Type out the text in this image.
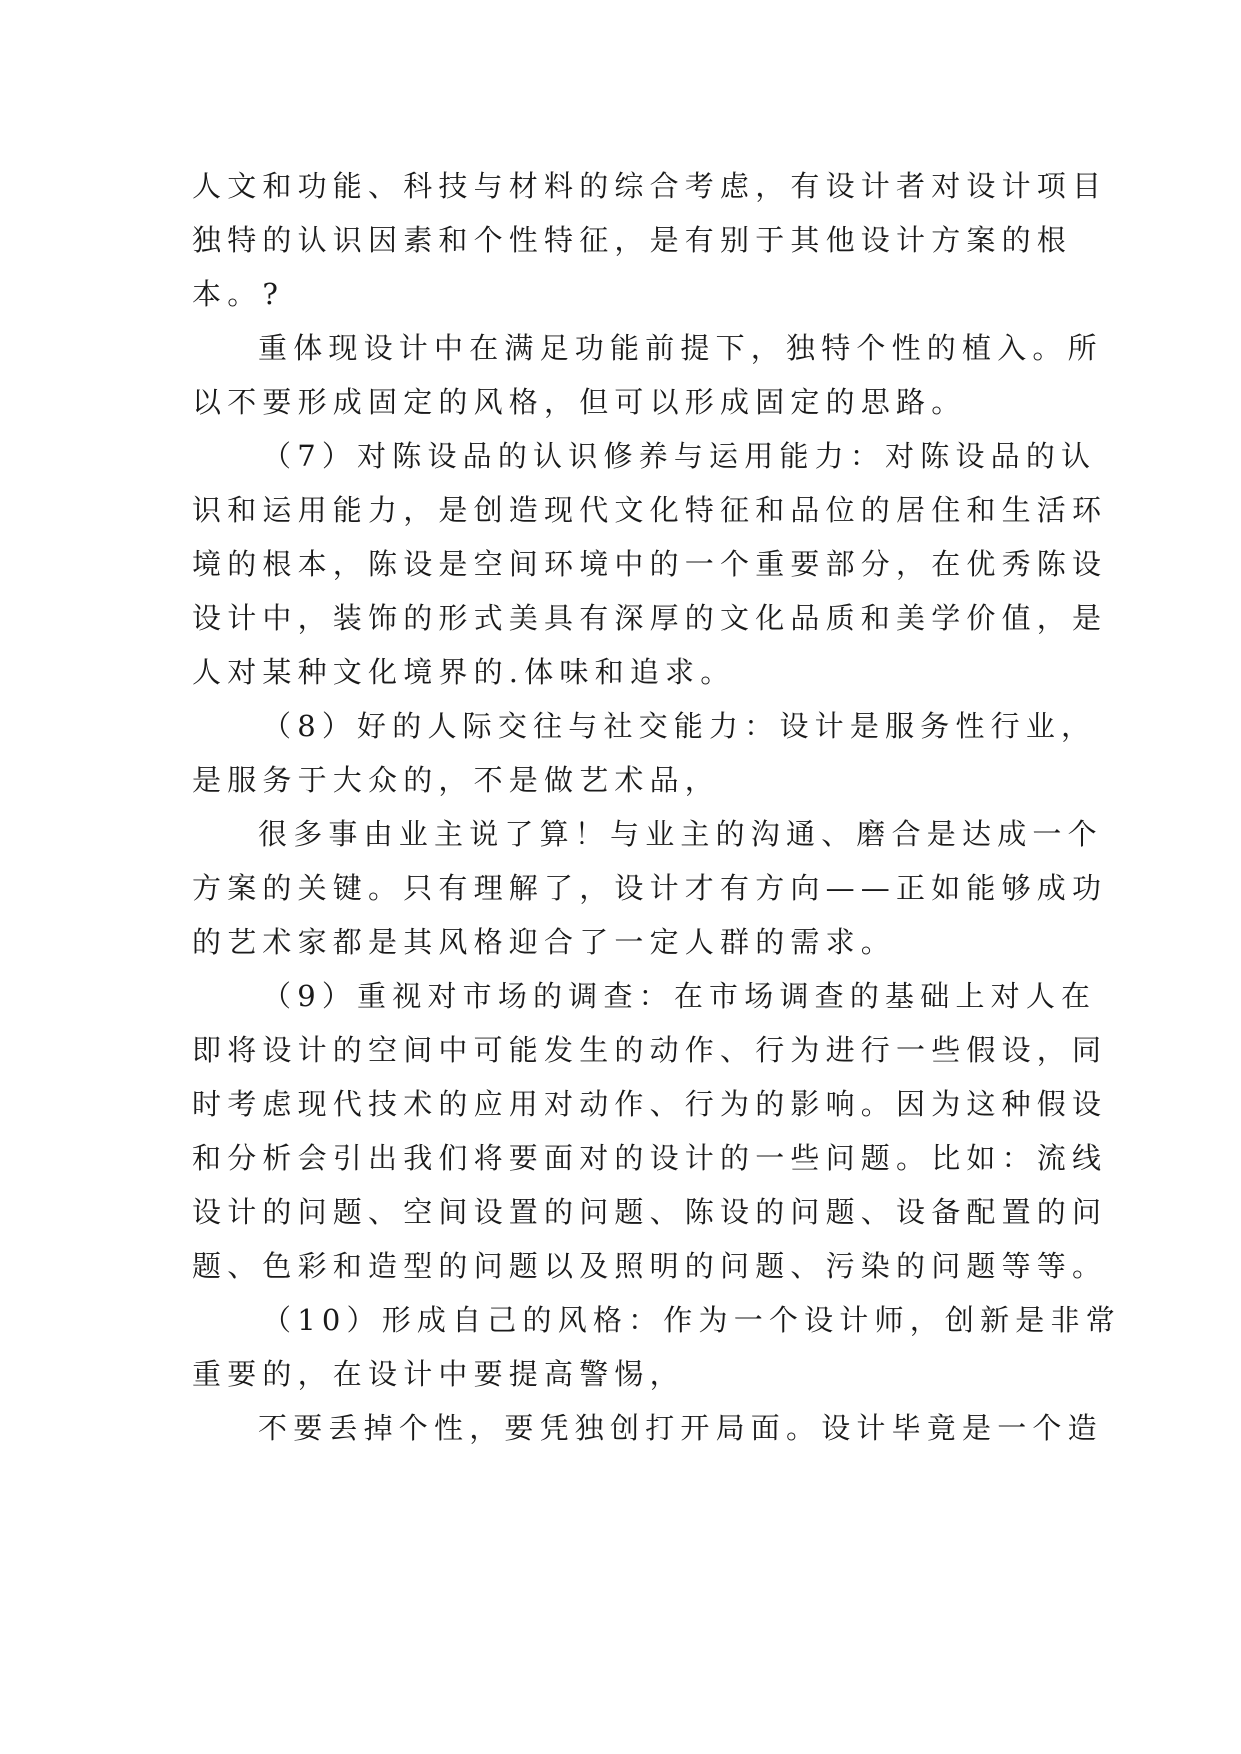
人文和功能、科技与材料的综合考虑，有设计者对设计项目
独特的认识因素和个性特征，是有别于其他设计方案的根
本。?
重体现设计中在满足功能前提下，独特个性的植入。所
以不要形成固定的风格，但可以形成固定的思路。
（7）对陈设品的认识修养与运用能力：对陈设品的认
识和运用能力，是创造现代文化特征和品位的居住和生活环
境的根本，陈设是空间环境中的一个重要部分，在优秀陈设
设计中，装饰的形式美具有深厚的文化品质和美学价值，是
人对某种文化境界的.体味和追求。
（8）好的人际交往与社交能力：设计是服务性行业，
是服务于大众的，不是做艺术品，
很多事由业主说了算！与业主的沟通、磨合是达成一个
方案的关键。只有理解了，设计才有方向——正如能够成功
的艺术家都是其风格迎合了一定人群的需求。
（9）重视对市场的调查：在市场调查的基础上对人在
即将设计的空间中可能发生的动作、行为进行一些假设，同
时考虑现代技术的应用对动作、行为的影响。因为这种假设
和分析会引出我们将要面对的设计的一些问题。比如：流线
设计的问题、空间设置的问题、陈设的问题、设备配置的问
题、色彩和造型的问题以及照明的问题、污染的问题等等。
（10）形成自己的风格：作为一个设计师，创新是非常
重要的，在设计中要提高警惕，
不要丢掉个性，要凭独创打开局面。设计毕竟是一个造
